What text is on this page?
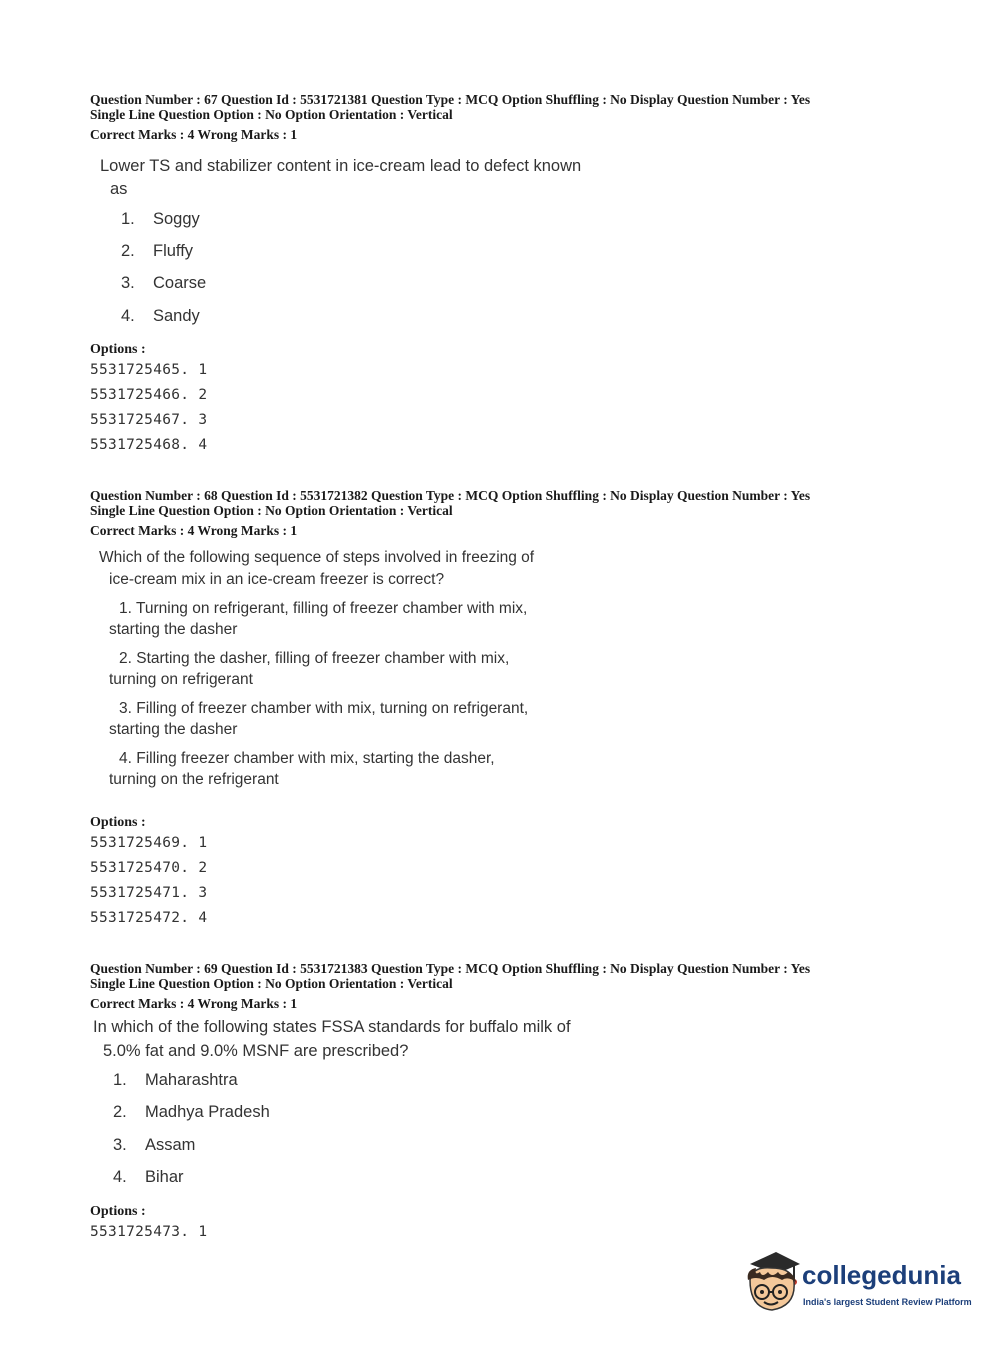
Question Number : 67 Question Id : 5531721381 Question Type : MCQ Option Shuffling : No Display Question Number : Yes

Single Line Question Option : No Option Orientation : Vertical

Correct Marks : 4 Wrong Marks : 1

Lower TS and stabilizer content in ice-cream lead to defect known
as
1. Soggy
2. Fluffy
3. Coarse
4. Sandy
Options :
5531725465. 1
5531725466. 2
5531725467. 3
5531725468. 4

Question Number : 68 Question Id : 5531721382 Question Type : MCQ Option Shuffling : No Display Question Number : Yes

Single Line Question Option : No Option Orientation : Vertical

Correct Marks : 4 Wrong Marks : 1

Which of the following sequence of steps involved in freezing of
ice-cream mix in an ice-cream freezer is correct?
1. Turning on refrigerant, filling of freezer chamber with mix,
starting the dasher
2. Starting the dasher, filling of freezer chamber with mix,
turning on refrigerant
3. Filling of freezer chamber with mix, turning on refrigerant,
starting the dasher
4. Filling freezer chamber with mix, starting the dasher,
turning on the refrigerant
Options :
5531725469. 1
5531725470. 2
5531725471. 3
5531725472. 4

Question Number : 69 Question Id : 5531721383 Question Type : MCQ Option Shuffling : No Display Question Number : Yes

Single Line Question Option : No Option Orientation : Vertical

Correct Marks : 4 Wrong Marks : 1

In which of the following states FSSA standards for buffalo milk of
5.0% fat and 9.0% MSNF are prescribed?
1. Maharashtra
2. Madhya Pradesh
3. Assam
4. Bihar
Options :
5531725473. 1
collegedunia
India's largest Student Review Platform
